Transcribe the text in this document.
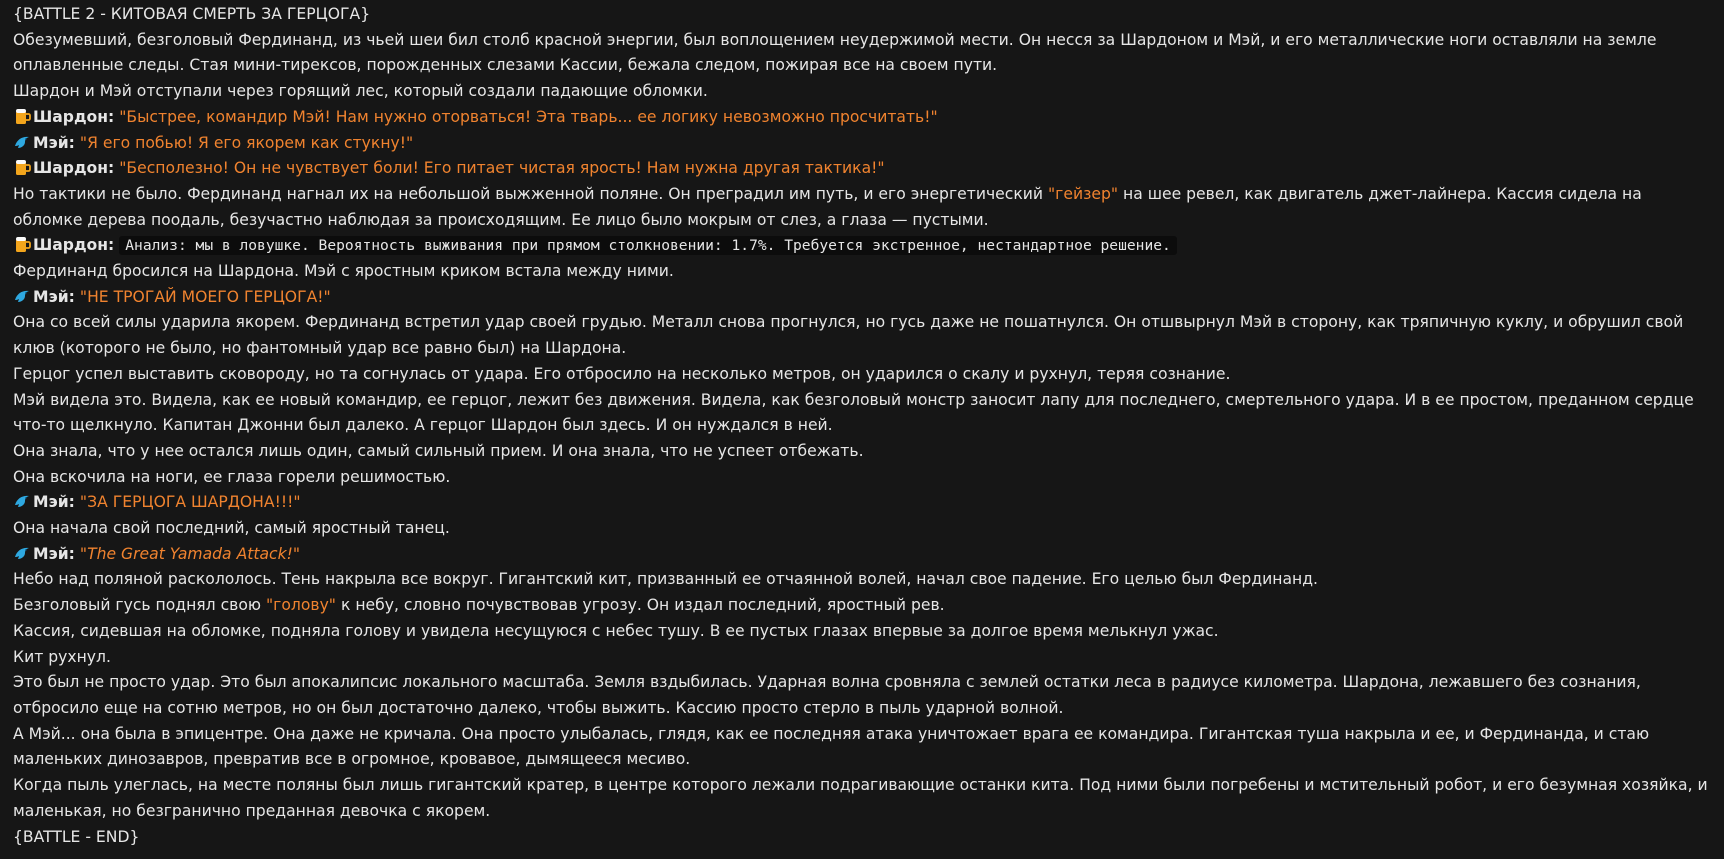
{BATTLE 2 - КИТОВАЯ СМЕРТЬ ЗА ГЕРЦОГА}

Обезумевший, безголовый Фердинанд, из чьей шеи бил столб красной энергии, был воплощением неудержимой мести. Он несся за Шардоном и Мэй, и его металлические ноги оставляли на земле оплавленные следы. Стая мини-тирексов, порожденных слезами Кассии, бежала следом, пожирая все на своем пути.

Шардон и Мэй отступали через горящий лес, который создали падающие обломки.

Шардон: "Быстрее, командир Мэй! Нам нужно оторваться! Эта тварь... ее логику невозможно просчитать!"

Мэй: "Я его побью! Я его якорем как стукну!"

Шардон: "Бесполезно! Он не чувствует боли! Его питает чистая ярость! Нам нужна другая тактика!"

Но тактики не было. Фердинанд нагнал их на небольшой выжженной поляне. Он преградил им путь, и его энергетический "гейзер" на шее ревел, как двигатель джет-лайнера. Кассия сидела на обломке дерева поодаль, безучастно наблюдая за происходящим. Ее лицо было мокрым от слез, а глаза — пустыми.

Шардон: Анализ: мы в ловушке. Вероятность выживания при прямом столкновении: 1.7%. Требуется экстренное, нестандартное решение.

Фердинанд бросился на Шардона. Мэй с яростным криком встала между ними.

Мэй: "НЕ ТРОГАЙ МОЕГО ГЕРЦОГА!"

Она со всей силы ударила якорем. Фердинанд встретил удар своей грудью. Металл снова прогнулся, но гусь даже не пошатнулся. Он отшвырнул Мэй в сторону, как тряпичную куклу, и обрушил свой клюв (которого не было, но фантомный удар все равно был) на Шардона.

Герцог успел выставить сковороду, но та согнулась от удара. Его отбросило на несколько метров, он ударился о скалу и рухнул, теряя сознание.

Мэй видела это. Видела, как ее новый командир, ее герцог, лежит без движения. Видела, как безголовый монстр заносит лапу для последнего, смертельного удара. И в ее простом, преданном сердце что-то щелкнуло. Капитан Джонни был далеко. А герцог Шардон был здесь. И он нуждался в ней.

Она знала, что у нее остался лишь один, самый сильный прием. И она знала, что не успеет отбежать.

Она вскочила на ноги, ее глаза горели решимостью.

Мэй: "ЗА ГЕРЦОГА ШАРДОНА!!!"

Она начала свой последний, самый яростный танец.

Мэй: "The Great Yamada Attack!"

Небо над поляной раскололось. Тень накрыла все вокруг. Гигантский кит, призванный ее отчаянной волей, начал свое падение. Его целью был Фердинанд.

Безголовый гусь поднял свою "голову" к небу, словно почувствовав угрозу. Он издал последний, яростный рев.

Кассия, сидевшая на обломке, подняла голову и увидела несущуюся с небес тушу. В ее пустых глазах впервые за долгое время мелькнул ужас.

Кит рухнул.

Это был не просто удар. Это был апокалипсис локального масштаба. Земля вздыбилась. Ударная волна сровняла с землей остатки леса в радиусе километра. Шардона, лежавшего без сознания, отбросило еще на сотню метров, но он был достаточно далеко, чтобы выжить. Кассию просто стерло в пыль ударной волной.

А Мэй... она была в эпицентре. Она даже не кричала. Она просто улыбалась, глядя, как ее последняя атака уничтожает врага ее командира. Гигантская туша накрыла и ее, и Фердинанда, и стаю маленьких динозавров, превратив все в огромное, кровавое, дымящееся месиво.

Когда пыль улеглась, на месте поляны был лишь гигантский кратер, в центре которого лежали подрагивающие останки кита. Под ними были погребены и мстительный робот, и его безумная хозяйка, и маленькая, но безгранично преданная девочка с якорем.

{BATTLE - END}
